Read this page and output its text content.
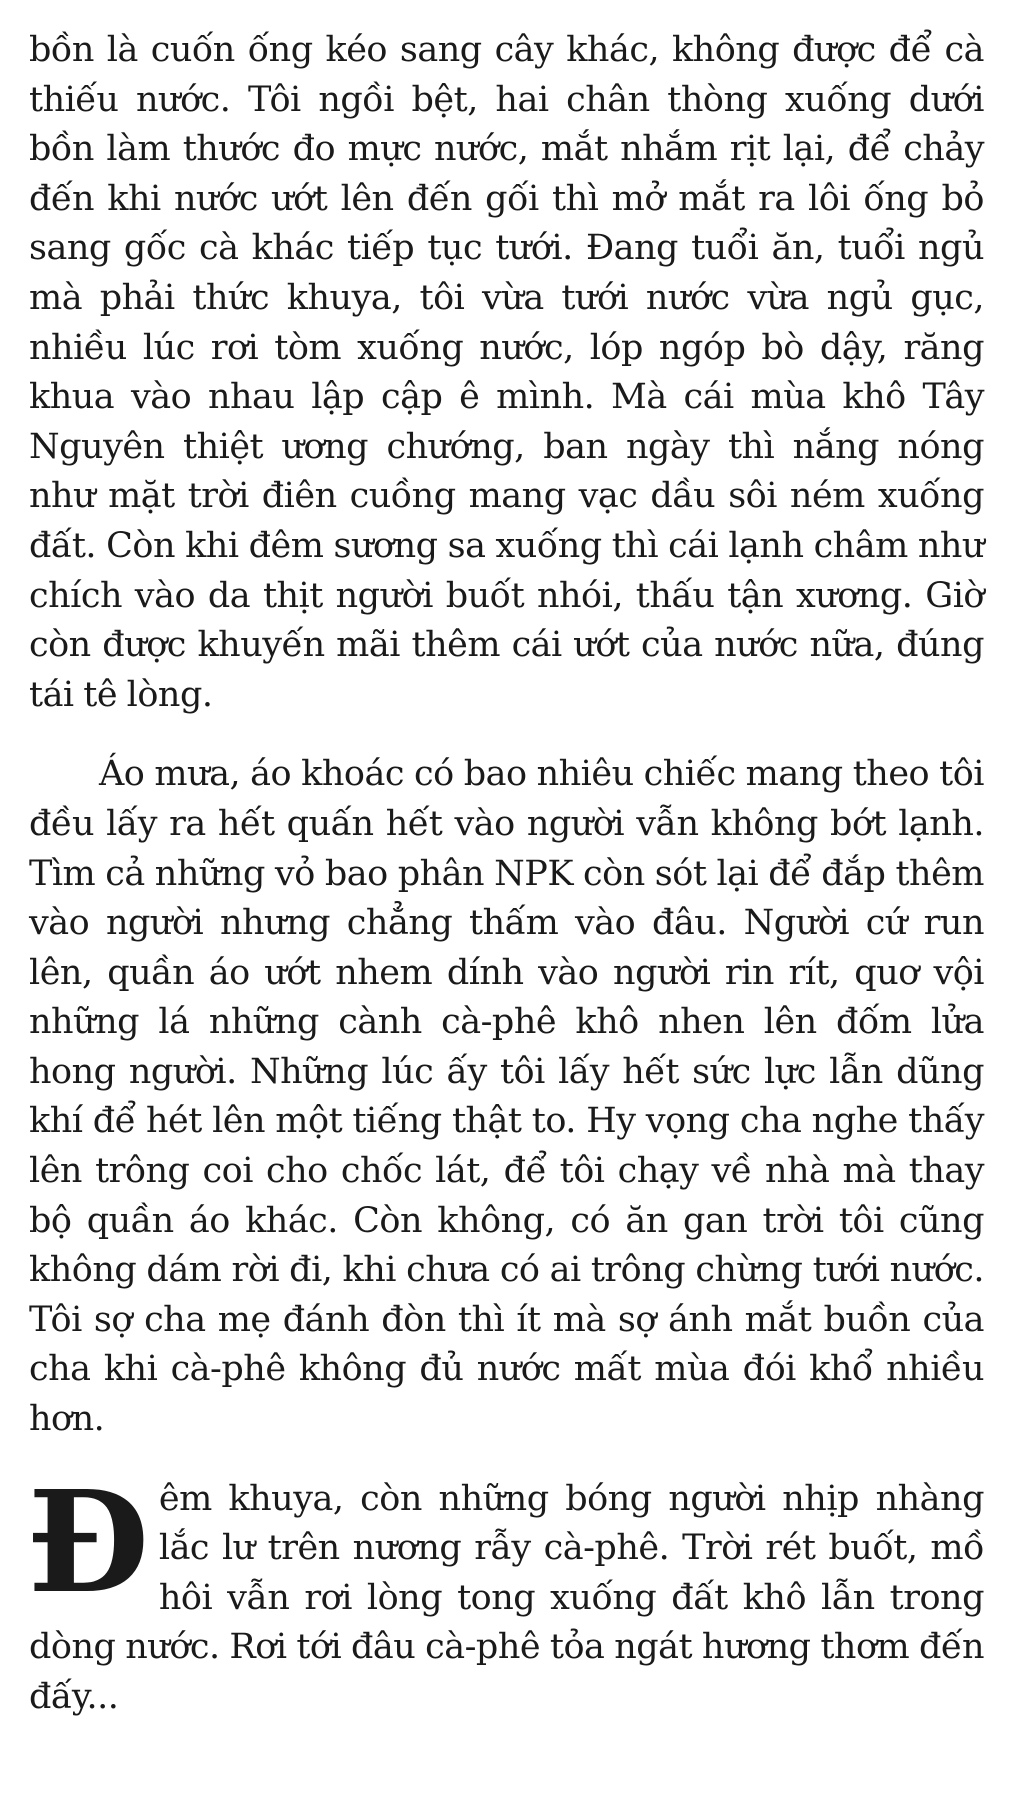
bồn là cuốn ống kéo sang cây khác, không được để cà thiếu nước. Tôi ngồi bệt, hai chân thòng xuống dưới bồn làm thước đo mực nước, mắt nhắm rịt lại, để chảy đến khi nước ướt lên đến gối thì mở mắt ra lôi ống bỏ sang gốc cà khác tiếp tục tưới. Đang tuổi ăn, tuổi ngủ mà phải thức khuya, tôi vừa tưới nước vừa ngủ gục, nhiều lúc rơi tòm xuống nước, lóp ngóp bò dậy, răng khua vào nhau lập cập ê mình. Mà cái mùa khô Tây Nguyên thiệt ương chướng, ban ngày thì nắng nóng như mặt trời điên cuồng mang vạc dầu sôi ném xuống đất. Còn khi đêm sương sa xuống thì cái lạnh châm như chích vào da thịt người buốt nhói, thấu tận xương. Giờ còn được khuyến mãi thêm cái ướt của nước nữa, đúng tái tê lòng.

Áo mưa, áo khoác có bao nhiêu chiếc mang theo tôi đều lấy ra hết quấn hết vào người vẫn không bớt lạnh. Tìm cả những vỏ bao phân NPK còn sót lại để đắp thêm vào người nhưng chẳng thấm vào đâu. Người cứ run lên, quần áo ướt nhem dính vào người rin rít, quơ vội những lá những cành cà-phê khô nhen lên đốm lửa hong người. Những lúc ấy tôi lấy hết sức lực lẫn dũng khí để hét lên một tiếng thật to. Hy vọng cha nghe thấy lên trông coi cho chốc lát, để tôi chạy về nhà mà thay bộ quần áo khác. Còn không, có ăn gan trời tôi cũng không dám rời đi, khi chưa có ai trông chừng tưới nước. Tôi sợ cha mẹ đánh đòn thì ít mà sợ ánh mắt buồn của cha khi cà-phê không đủ nước mất mùa đói khổ nhiều hơn.

Đêm khuya, còn những bóng người nhịp nhàng lắc lư trên nương rẫy cà-phê. Trời rét buốt, mồ hôi vẫn rơi lòng tong xuống đất khô lẫn trong dòng nước. Rơi tới đâu cà-phê tỏa ngát hương thơm đến đấy...
